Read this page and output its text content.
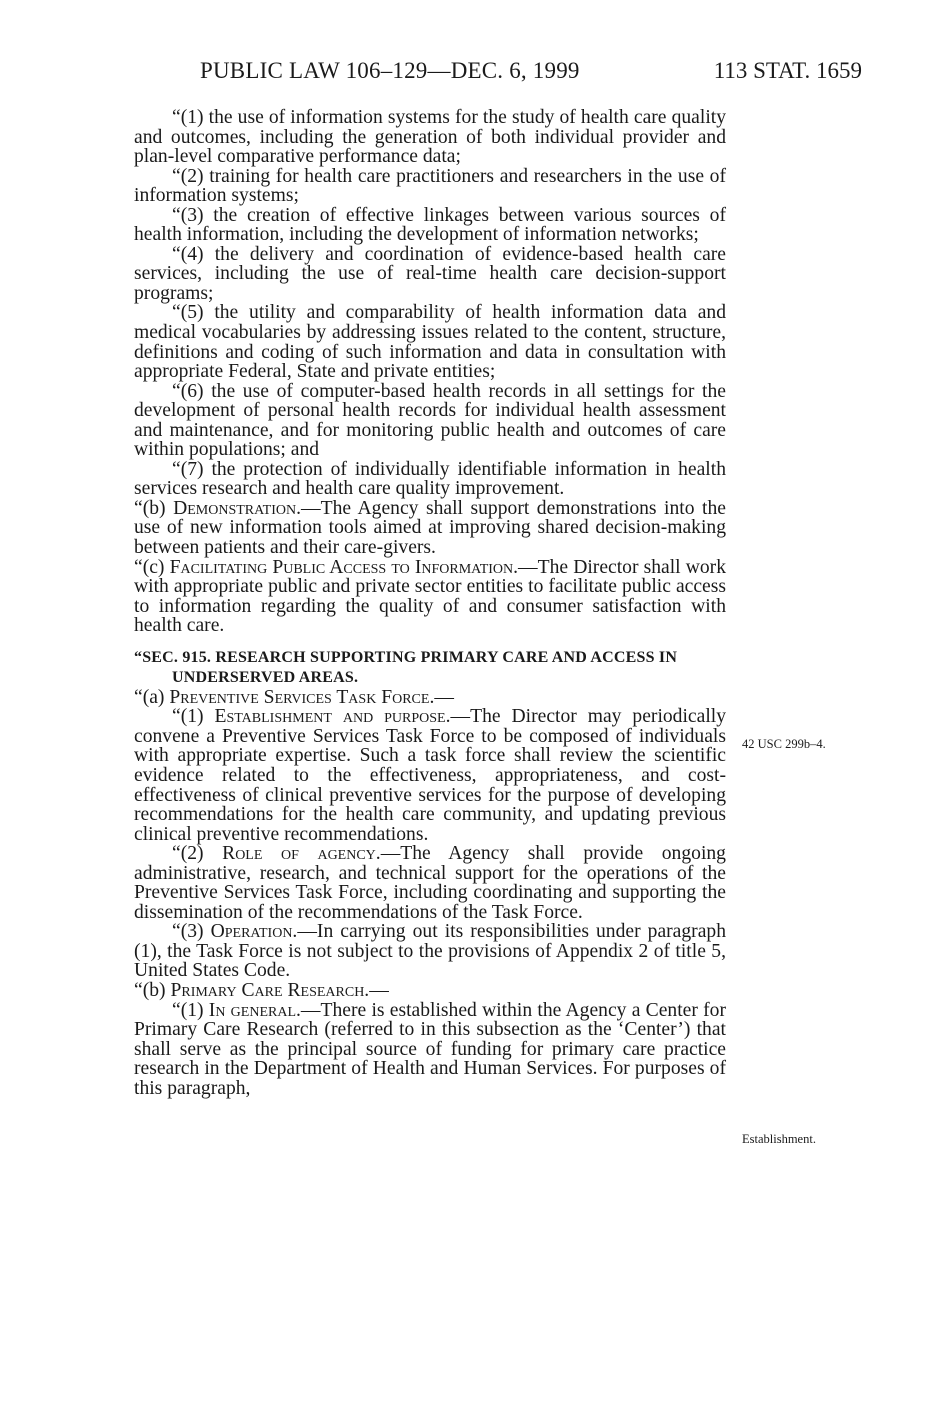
PUBLIC LAW 106–129—DEC. 6, 1999	113 STAT. 1659

“(1) the use of information systems for the study of health care quality and outcomes, including the generation of both individual provider and plan-level comparative performance data;

“(2) training for health care practitioners and researchers in the use of information systems;

“(3) the creation of effective linkages between various sources of health information, including the development of information networks;

“(4) the delivery and coordination of evidence-based health care services, including the use of real-time health care decision-support programs;

“(5) the utility and comparability of health information data and medical vocabularies by addressing issues related to the content, structure, definitions and coding of such information and data in consultation with appropriate Federal, State and private entities;

“(6) the use of computer-based health records in all settings for the development of personal health records for individual health assessment and maintenance, and for monitoring public health and outcomes of care within populations; and

“(7) the protection of individually identifiable information in health services research and health care quality improvement.

“(b) Demonstration.—The Agency shall support demonstrations into the use of new information tools aimed at improving shared decision-making between patients and their care-givers.

“(c) Facilitating Public Access to Information.—The Director shall work with appropriate public and private sector entities to facilitate public access to information regarding the quality of and consumer satisfaction with health care.

“SEC. 915. RESEARCH SUPPORTING PRIMARY CARE AND ACCESS IN UNDERSERVED AREAS.

“(a) Preventive Services Task Force.—

“(1) Establishment and purpose.—The Director may periodically convene a Preventive Services Task Force to be composed of individuals with appropriate expertise. Such a task force shall review the scientific evidence related to the effectiveness, appropriateness, and cost-effectiveness of clinical preventive services for the purpose of developing recommendations for the health care community, and updating previous clinical preventive recommendations.

“(2) Role of agency.—The Agency shall provide ongoing administrative, research, and technical support for the operations of the Preventive Services Task Force, including coordinating and supporting the dissemination of the recommendations of the Task Force.

“(3) Operation.—In carrying out its responsibilities under paragraph (1), the Task Force is not subject to the provisions of Appendix 2 of title 5, United States Code.

“(b) Primary Care Research.—

“(1) In general.—There is established within the Agency a Center for Primary Care Research (referred to in this subsection as the ‘Center’) that shall serve as the principal source of funding for primary care practice research in the Department of Health and Human Services. For purposes of this paragraph,

42 USC 299b–4.
Establishment.
